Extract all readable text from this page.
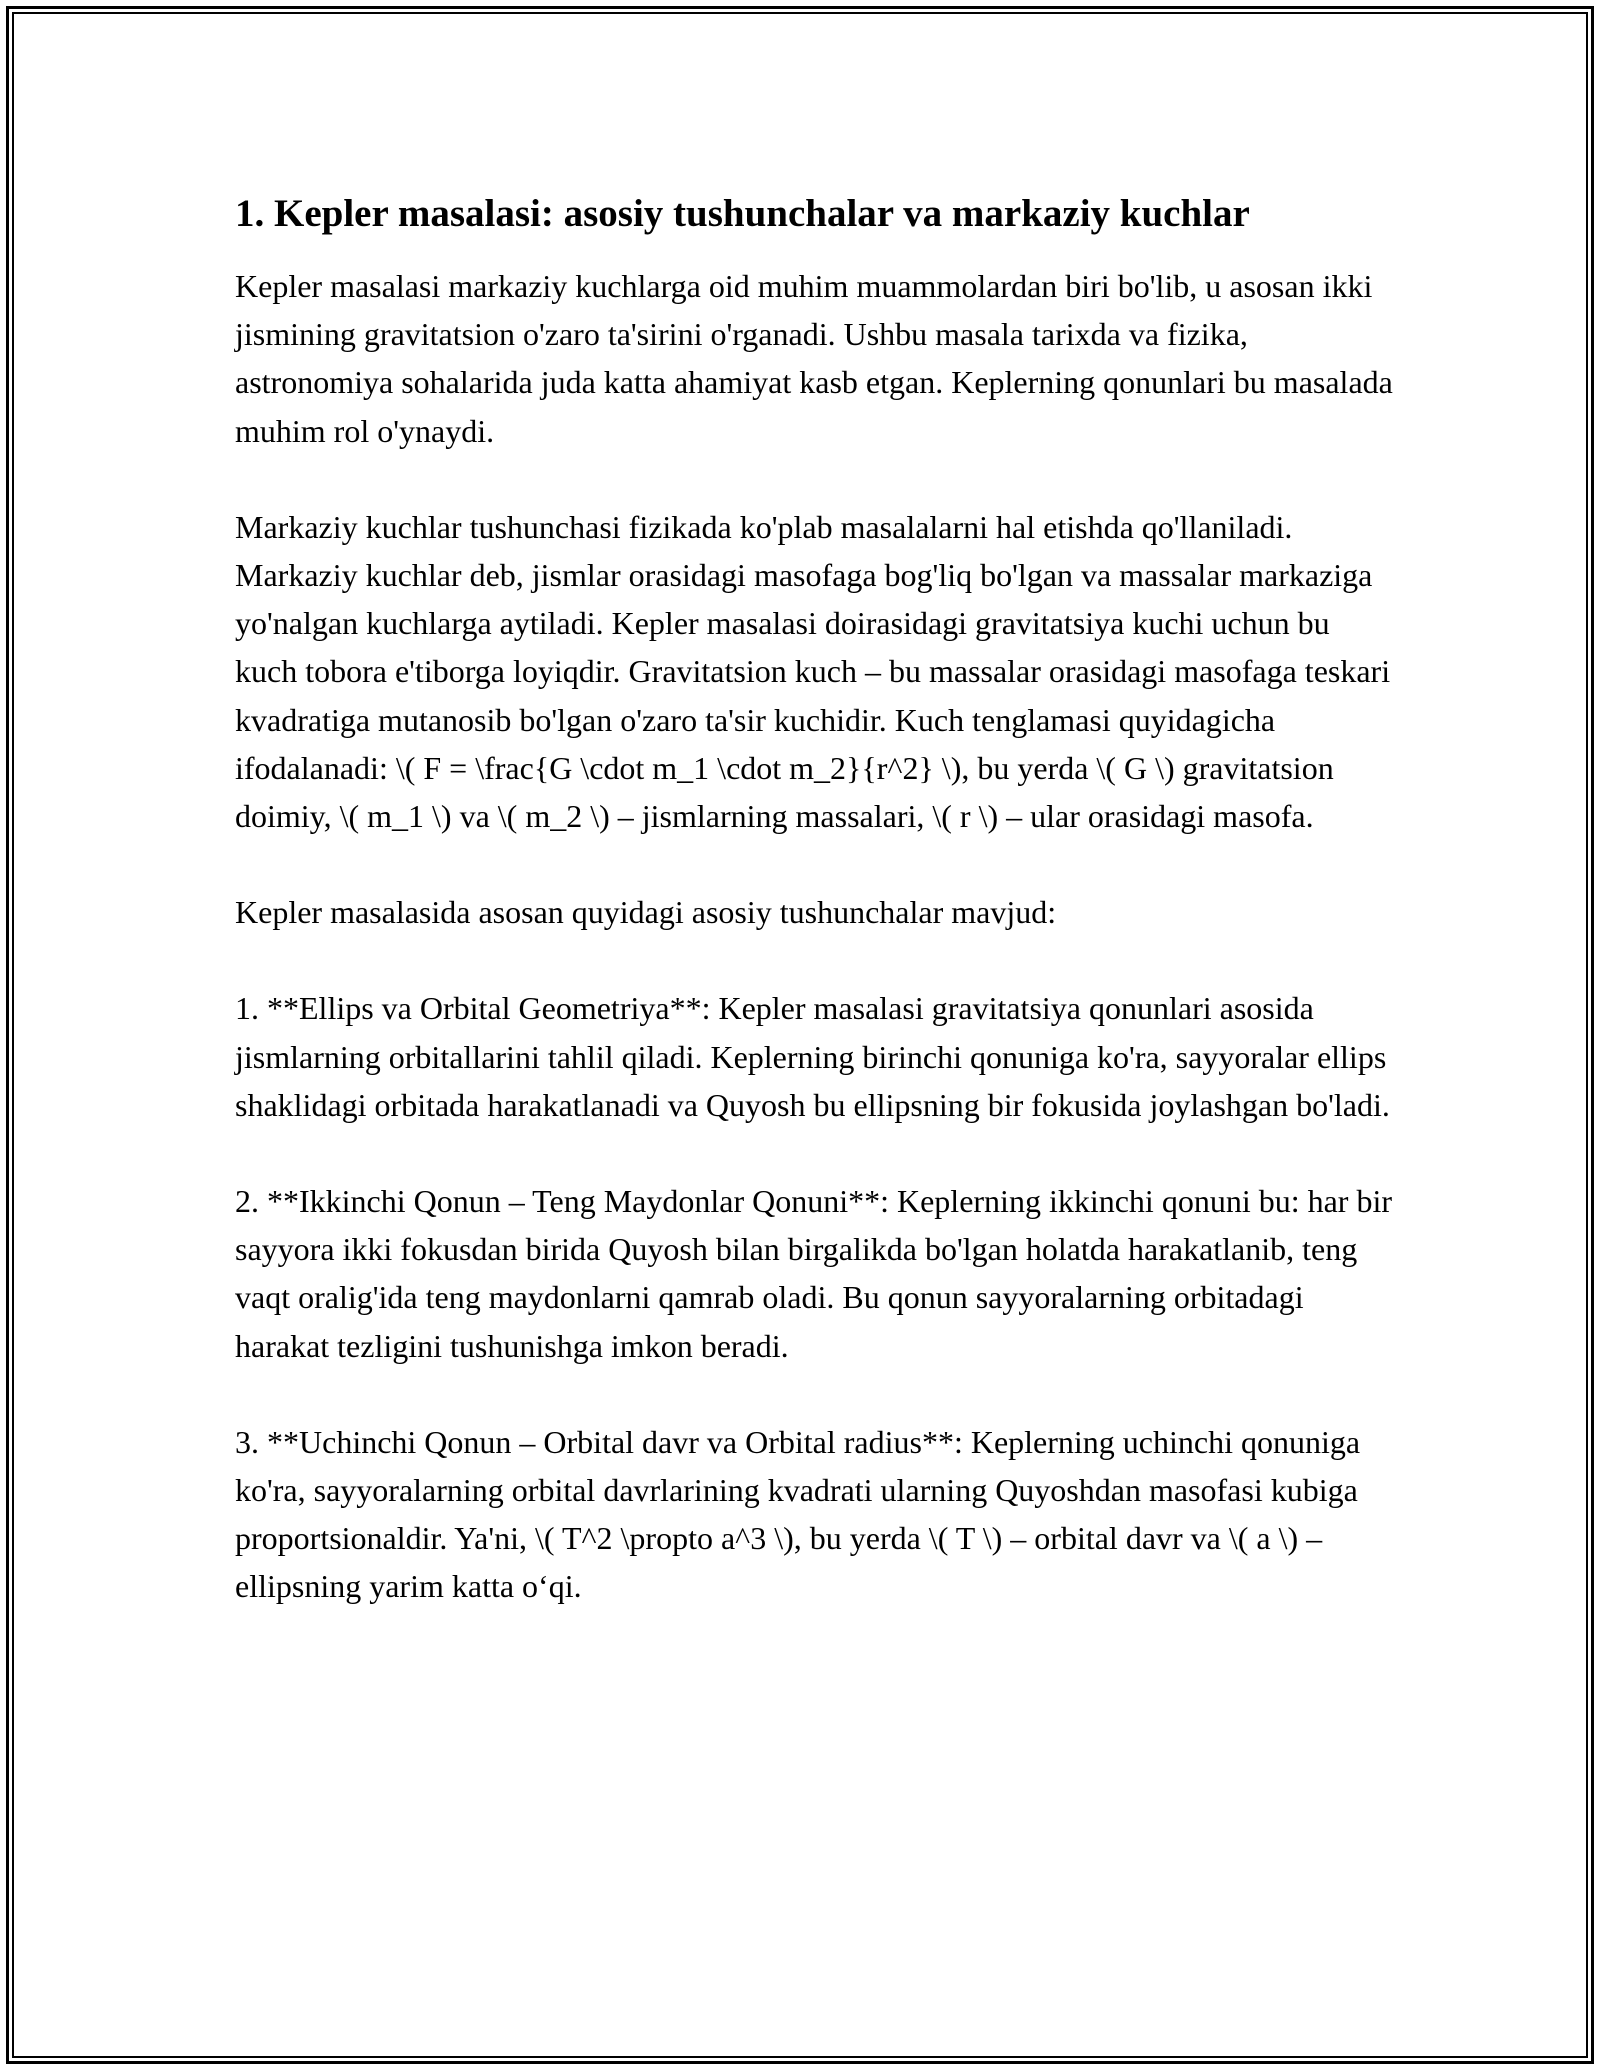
1. Kepler masalasi: asosiy tushunchalar va markaziy kuchlar

Kepler masalasi markaziy kuchlarga oid muhim muammolardan biri bo'lib, u asosan ikki jismining gravitatsion o'zaro ta'sirini o'rganadi. Ushbu masala tarixda va fizika, astronomiya sohalarida juda katta ahamiyat kasb etgan. Keplerning qonunlari bu masalada muhim rol o'ynaydi.

Markaziy kuchlar tushunchasi fizikada ko'plab masalalarni hal etishda qo'llaniladi. Markaziy kuchlar deb, jismlar orasidagi masofaga bog'liq bo'lgan va massalar markaziga yo'nalgan kuchlarga aytiladi. Kepler masalasi doirasidagi gravitatsiya kuchi uchun bu kuch tobora e'tiborga loyiqdir. Gravitatsion kuch – bu massalar orasidagi masofaga teskari kvadratiga mutanosib bo'lgan o'zaro ta'sir kuchidir. Kuch tenglamasi quyidagicha ifodalanadi: \( F = \frac{G \cdot m_1 \cdot m_2}{r^2} \), bu yerda \( G \) gravitatsion doimiy, \( m_1 \) va \( m_2 \) – jismlarning massalari, \( r \) – ular orasidagi masofa.

Kepler masalasida asosan quyidagi asosiy tushunchalar mavjud:

1. **Ellips va Orbital Geometriya**: Kepler masalasi gravitatsiya qonunlari asosida jismlarning orbitallarini tahlil qiladi. Keplerning birinchi qonuniga ko'ra, sayyoralar ellips shaklidagi orbitada harakatlanadi va Quyosh bu ellipsning bir fokusida joylashgan bo'ladi.

2. **Ikkinchi Qonun – Teng Maydonlar Qonuni**: Keplerning ikkinchi qonuni bu: har bir sayyora ikki fokusdan birida Quyosh bilan birgalikda bo'lgan holatda harakatlanib, teng vaqt oralig'ida teng maydonlarni qamrab oladi. Bu qonun sayyoralarning orbitadagi harakat tezligini tushunishga imkon beradi.

3. **Uchinchi Qonun – Orbital davr va Orbital radius**: Keplerning uchinchi qonuniga ko'ra, sayyoralarning orbital davrlarining kvadrati ularning Quyoshdan masofasi kubiga proportsionaldir. Ya'ni, \( T^2 \propto a^3 \), bu yerda \( T \) – orbital davr va \( a \) – ellipsning yarim katta o‘qi.
